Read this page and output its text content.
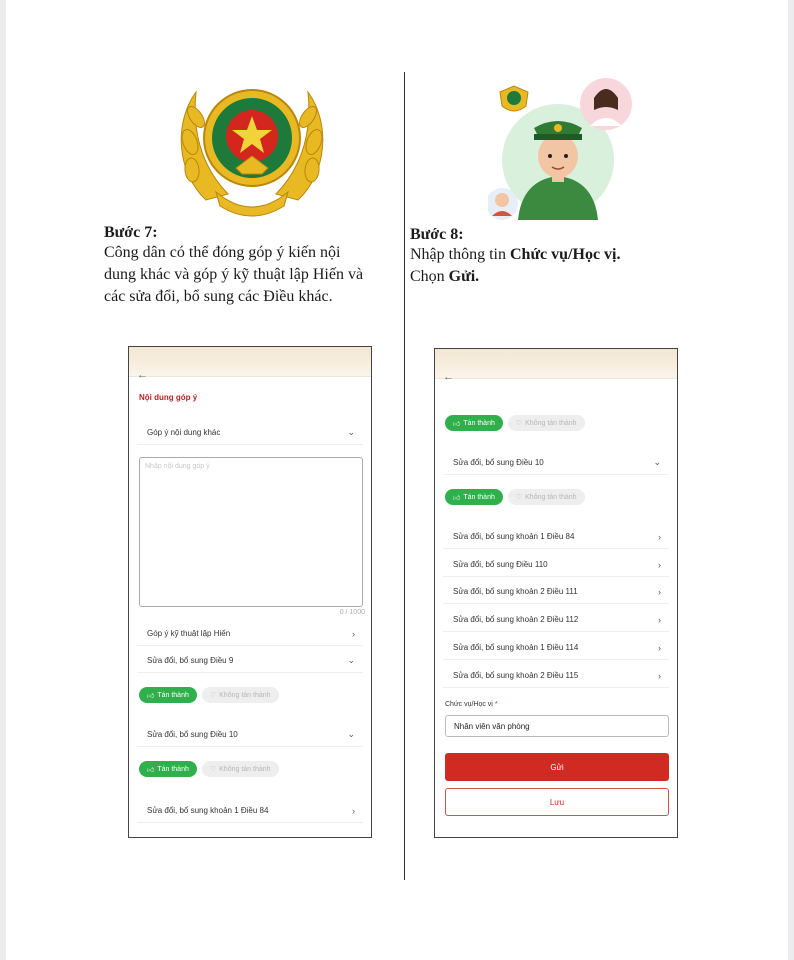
Bước 7:
Công dân có thể đóng góp ý kiến nội
dung khác và góp ý kỹ thuật lập Hiến và
các sửa đổi, bổ sung các Điều khác.
Bước 8:
Nhập thông tin Chức vụ/Học vị.
Chọn Gửi.
←
Nội dung góp ý
Góp ý nội dung khác	⌄
Nhập nội dung góp ý
0 / 1000
Góp ý kỹ thuật lập Hiến	›
Sửa đổi, bổ sung Điều 9	⌄
👍︎ Tán thành	♡ Không tán thành
Sửa đổi, bổ sung Điều 10	⌄
👍︎ Tán thành	♡ Không tán thành
Sửa đổi, bổ sung khoản 1 Điều 84	›
←
👍︎ Tán thành	♡ Không tán thành
Sửa đổi, bổ sung Điều 10	⌄
👍︎ Tán thành	♡ Không tán thành
Sửa đổi, bổ sung khoản 1 Điều 84	›
Sửa đổi, bổ sung Điều 110	›
Sửa đổi, bổ sung khoản 2 Điều 111	›
Sửa đổi, bổ sung khoản 2 Điều 112	›
Sửa đổi, bổ sung khoản 1 Điều 114	›
Sửa đổi, bổ sung khoản 2 Điều 115	›
Chức vụ/Học vị *
Nhân viên văn phòng
Gửi
Lưu
